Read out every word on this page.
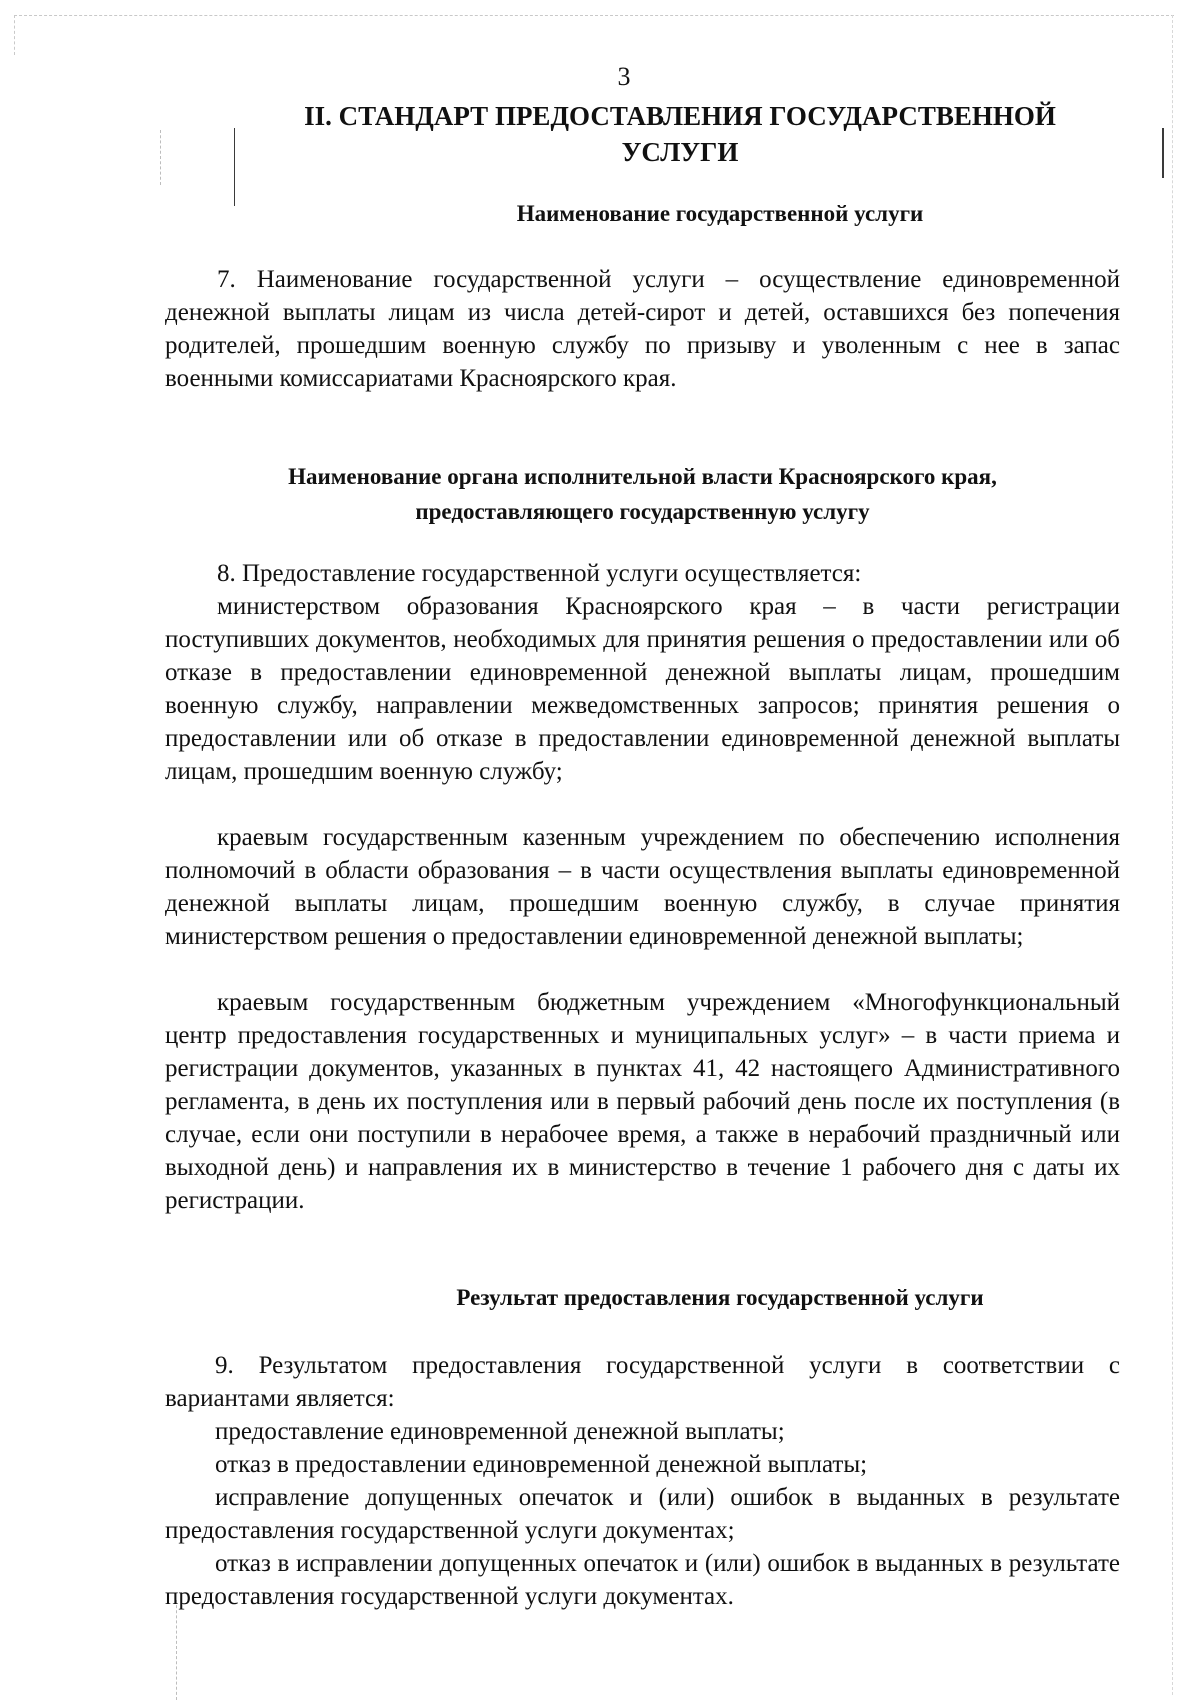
3
II. СТАНДАРТ ПРЕДОСТАВЛЕНИЯ ГОСУДАРСТВЕННОЙ УСЛУГИ
Наименование государственной услуги

7. Наименование государственной услуги – осуществление единовременной денежной выплаты лицам из числа детей-сирот и детей, оставшихся без попечения родителей, прошедшим военную службу по призыву и уволенным с нее в запас военными комиссариатами Красноярского края.

Наименование органа исполнительной власти Красноярского края,
предоставляющего государственную услугу

8. Предоставление государственной услуги осуществляется:

министерством образования Красноярского края – в части регистрации поступивших документов, необходимых для принятия решения о предоставлении или об отказе в предоставлении единовременной денежной выплаты лицам, прошедшим военную службу, направлении межведомственных запросов; принятия решения о предоставлении или об отказе в предоставлении единовременной денежной выплаты лицам, прошедшим военную службу;

краевым государственным казенным учреждением по обеспечению исполнения полномочий в области образования – в части осуществления выплаты единовременной денежной выплаты лицам, прошедшим военную службу, в случае принятия министерством решения о предоставлении единовременной денежной выплаты;

краевым государственным бюджетным учреждением «Многофункциональный центр предоставления государственных и муниципальных услуг» – в части приема и регистрации документов, указанных в пунктах 41, 42 настоящего Административного регламента, в день их поступления или в первый рабочий день после их поступления (в случае, если они поступили в нерабочее время, а также в нерабочий праздничный или выходной день) и направления их в министерство в течение 1 рабочего дня с даты их регистрации.

Результат предоставления государственной услуги

9. Результатом предоставления государственной услуги в соответствии с вариантами является:

предоставление единовременной денежной выплаты;

отказ в предоставлении единовременной денежной выплаты;

исправление допущенных опечаток и (или) ошибок в выданных в результате предоставления государственной услуги документах;

отказ в исправлении допущенных опечаток и (или) ошибок в выданных в результате предоставления государственной услуги документах.
